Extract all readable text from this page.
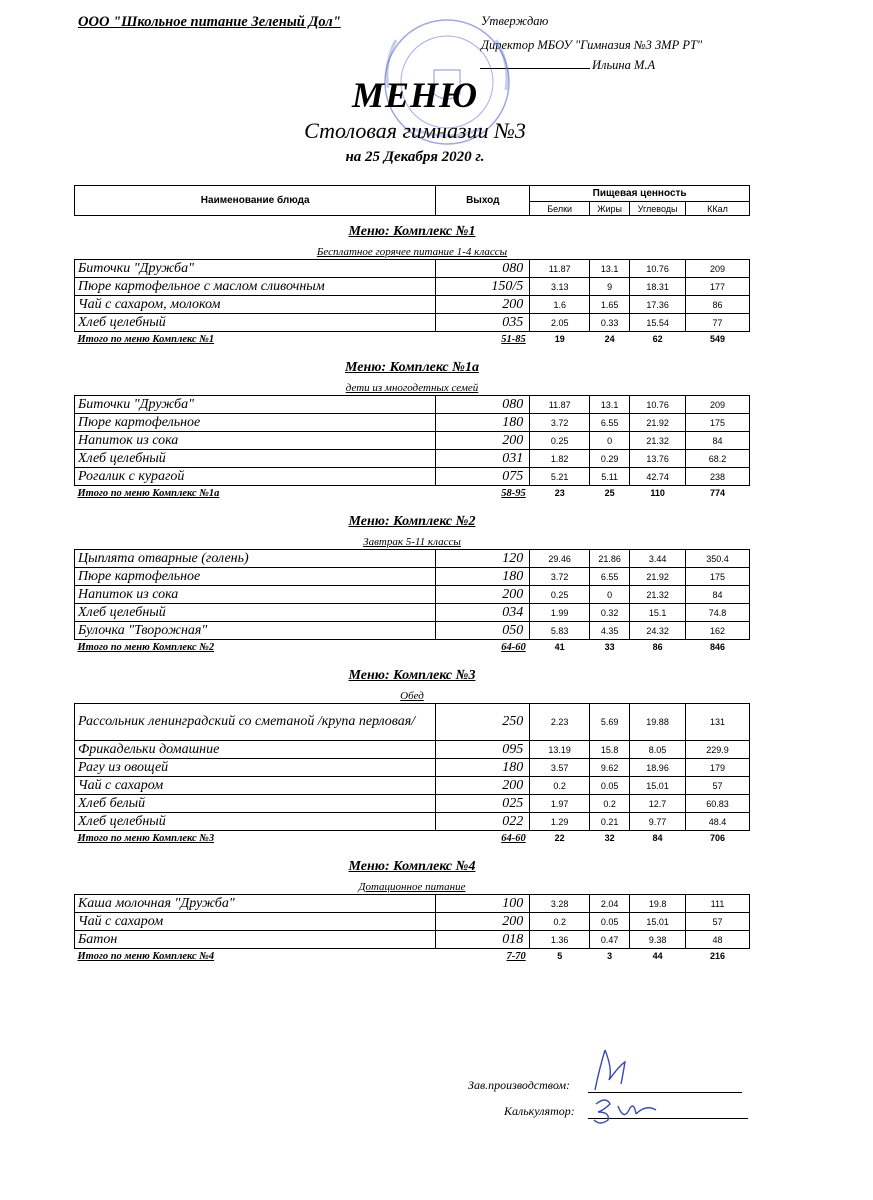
ООО "Школьное питание Зеленый Дол"	Утверждаю
Директор МБОУ "Гимназия №3 ЗМР РТ"
Ильина М.А
МЕНЮ
Столовая гимназии №3
на 25 Декабря 2020 г.
Наименование блюда	Выход	Пищевая ценность			
		Белки	Жиры	Углеводы	ККал
Меню: Комплекс №1
Бесплатное горячее питание 1-4 классы
Биточки "Дружба"	080	11.87	13.1	10.76	209
Пюре картофельное с маслом сливочным	150/5	3.13	9	18.31	177
Чай с сахаром, молоком	200	1.6	1.65	17.36	86
Хлеб целебный	035	2.05	0.33	15.54	77
Итого по меню Комплекс №1	51-85	19	24	62	549
Меню: Комплекс №1а
дети из многодетных семей
Биточки "Дружба"	080	11.87	13.1	10.76	209
Пюре картофельное	180	3.72	6.55	21.92	175
Напиток из сока	200	0.25	0	21.32	84
Хлеб целебный	031	1.82	0.29	13.76	68.2
Рогалик с курагой	075	5.21	5.11	42.74	238
Итого по меню Комплекс №1а	58-95	23	25	110	774
Меню: Комплекс №2
Завтрак 5-11 классы
Цыплята отварные (голень)	120	29.46	21.86	3.44	350.4
Пюре картофельное	180	3.72	6.55	21.92	175
Напиток из сока	200	0.25	0	21.32	84
Хлеб целебный	034	1.99	0.32	15.1	74.8
Булочка "Творожная"	050	5.83	4.35	24.32	162
Итого по меню Комплекс №2	64-60	41	33	86	846
Меню: Комплекс №3
Обед
Рассольник ленинградский со сметаной /крупа перловая/	250	2.23	5.69	19.88	131
Фрикадельки домашние	095	13.19	15.8	8.05	229.9
Рагу из овощей	180	3.57	9.62	18.96	179
Чай с сахаром	200	0.2	0.05	15.01	57
Хлеб белый	025	1.97	0.2	12.7	60.83
Хлеб целебный	022	1.29	0.21	9.77	48.4
Итого по меню Комплекс №3	64-60	22	32	84	706
Меню: Комплекс №4
Дотационное питание
Каша молочная "Дружба"	100	3.28	2.04	19.8	111
Чай с сахаром	200	0.2	0.05	15.01	57
Батон	018	1.36	0.47	9.38	48
Итого по меню Комплекс №4	7-70	5	3	44	216
Зав.производством:
Калькулятор:
